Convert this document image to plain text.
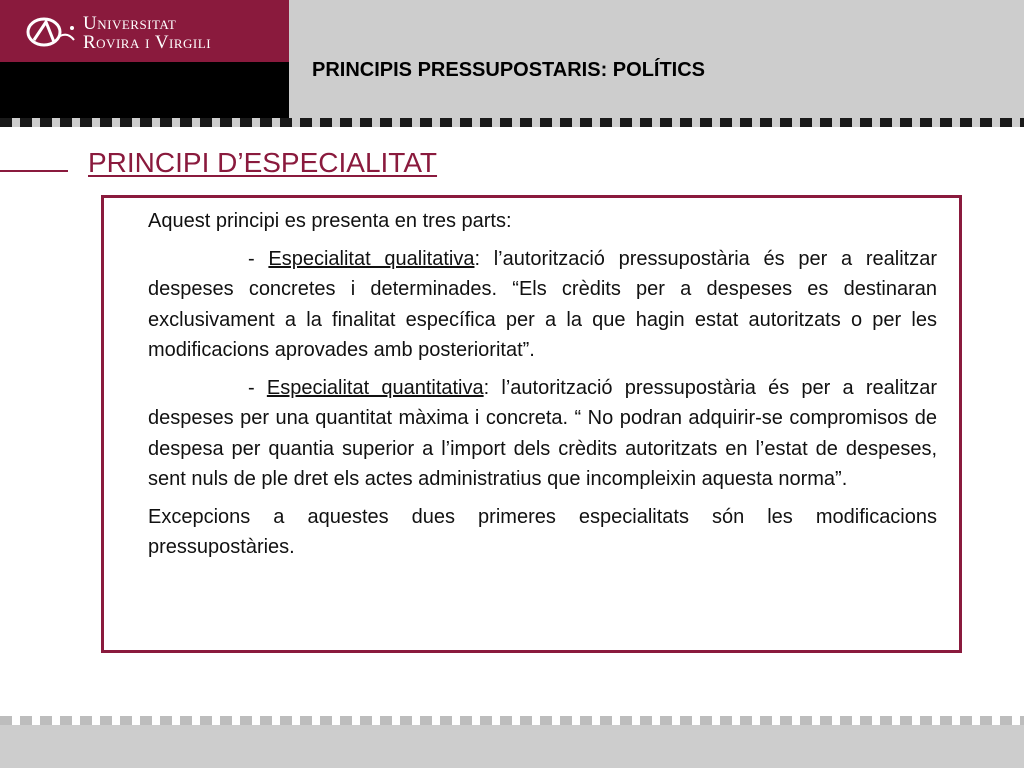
Universitat
Rovira i Virgili
PRINCIPIS PRESSUPOSTARIS: POLÍTICS
PRINCIPI D’ESPECIALITAT

Aquest principi es presenta en tres parts:

- Especialitat qualitativa: l’autorització pressupostària és per a realitzar despeses concretes i determinades. “Els crèdits per a despeses es destinaran exclusivament a la finalitat específica per a la que hagin estat autoritzats o per les modificacions aprovades amb posterioritat”.

- Especialitat quantitativa: l’autorització pressupostària és per a realitzar despeses per una quantitat màxima i concreta. “ No podran adquirir-se compromisos de despesa per quantia superior a l’import dels crèdits autoritzats en l’estat de despeses, sent nuls de ple dret els actes administratius que incompleixin aquesta norma”.

Excepcions a aquestes dues primeres especialitats són les modificacions pressupostàries.
